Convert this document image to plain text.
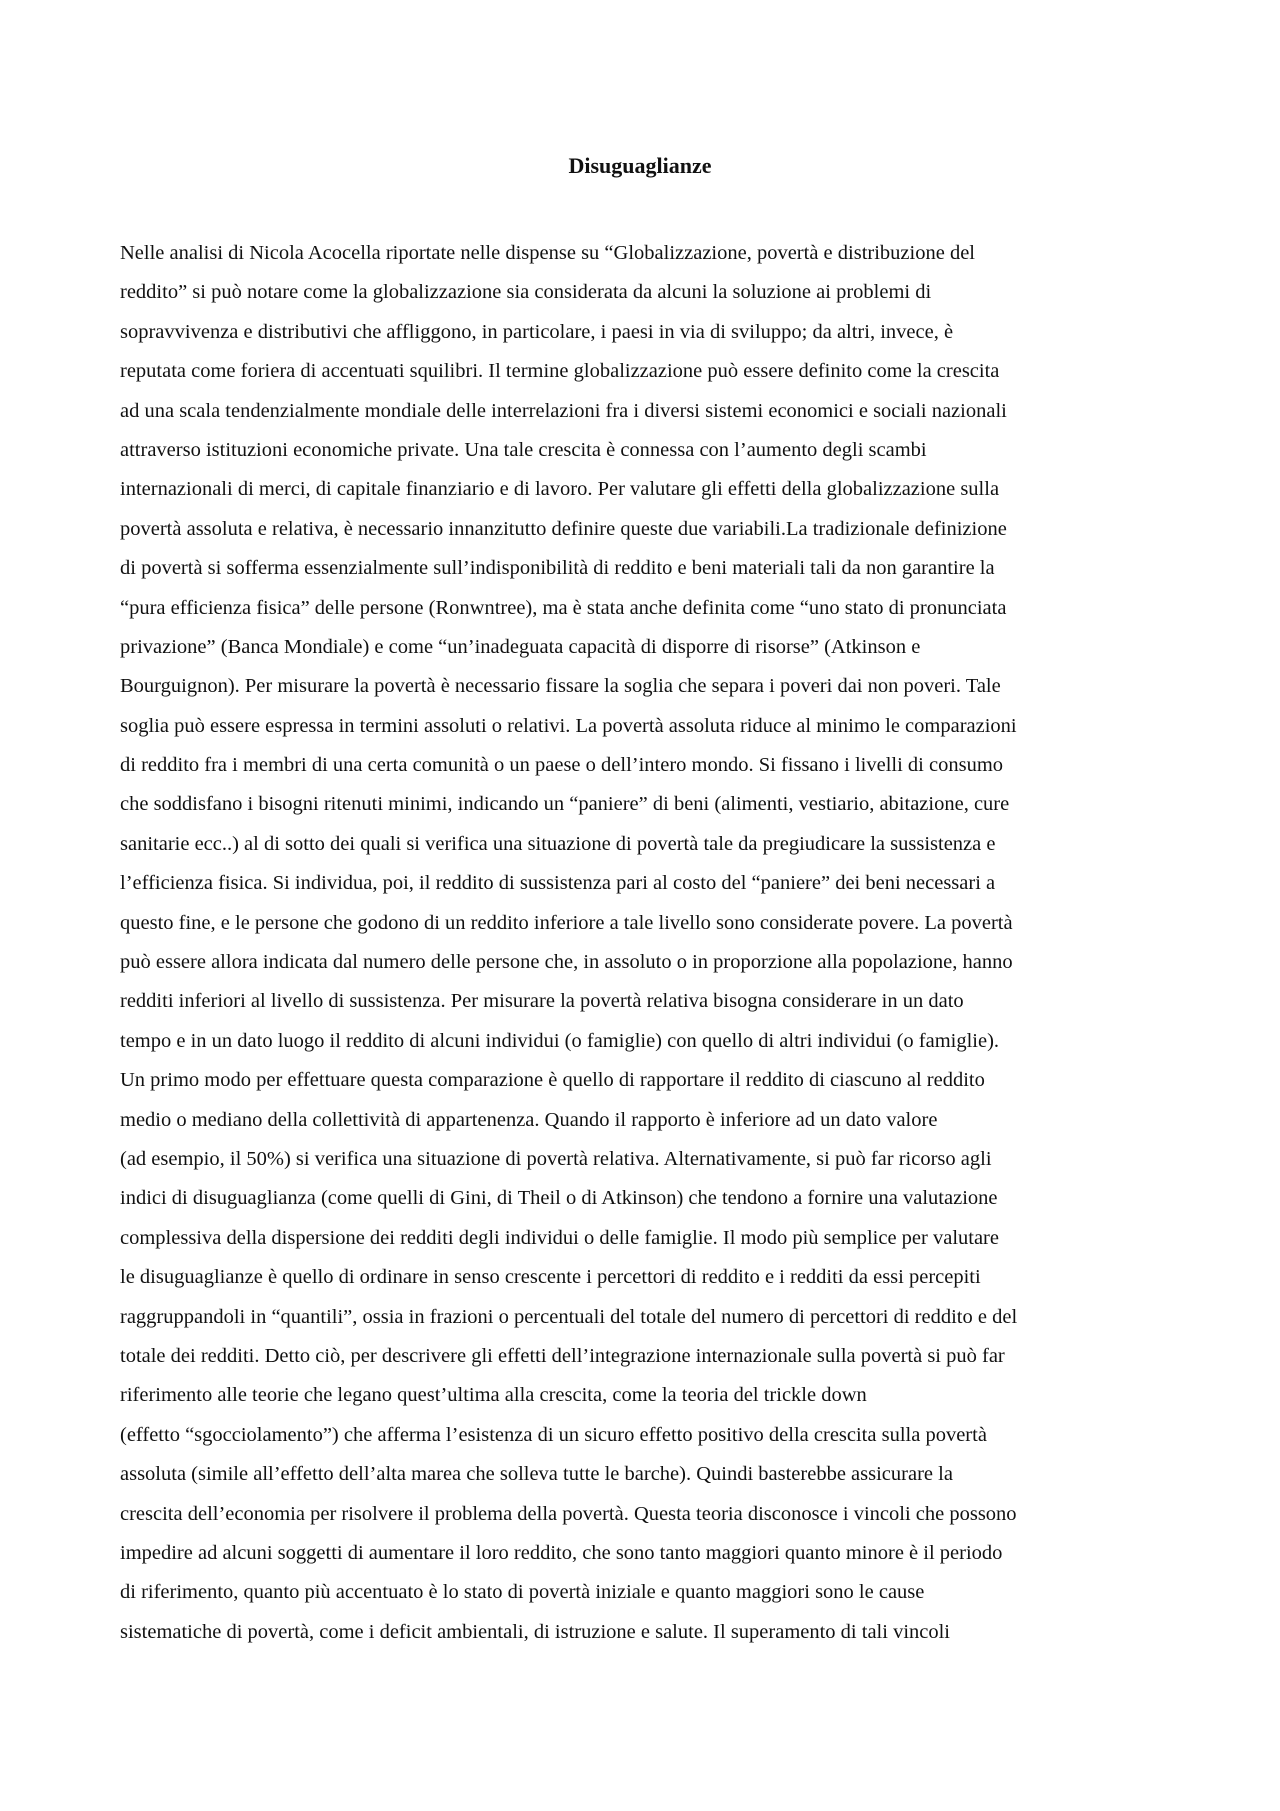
Disuguaglianze
Nelle analisi di Nicola Acocella riportate nelle dispense su “Globalizzazione, povertà e distribuzione del
reddito” si può notare come la globalizzazione sia considerata da alcuni la soluzione ai problemi di
sopravvivenza e distributivi che affliggono, in particolare, i paesi in via di sviluppo; da altri, invece, è
reputata come foriera di accentuati squilibri. Il termine globalizzazione può essere definito come la crescita
ad una scala tendenzialmente mondiale delle interrelazioni fra i diversi sistemi economici e sociali nazionali
attraverso istituzioni economiche private. Una tale crescita è connessa con l’aumento degli scambi
internazionali di merci, di capitale finanziario e di lavoro. Per valutare gli effetti della globalizzazione sulla
povertà assoluta e relativa, è necessario innanzitutto definire queste due variabili.La tradizionale definizione
di povertà si sofferma essenzialmente sull’indisponibilità di reddito e beni materiali tali da non garantire la
“pura efficienza fisica” delle persone (Ronwntree), ma è stata anche definita come “uno stato di pronunciata
privazione” (Banca Mondiale) e come “un’inadeguata capacità di disporre di risorse” (Atkinson e
Bourguignon). Per misurare la povertà è necessario fissare la soglia che separa i poveri dai non poveri. Tale
soglia può essere espressa in termini assoluti o relativi. La povertà assoluta riduce al minimo le comparazioni
di reddito fra i membri di una certa comunità o un paese o dell’intero mondo. Si fissano i livelli di consumo
che soddisfano i bisogni ritenuti minimi, indicando un “paniere” di beni (alimenti, vestiario, abitazione, cure
sanitarie ecc..) al di sotto dei quali si verifica una situazione di povertà tale da pregiudicare la sussistenza e
l’efficienza fisica. Si individua, poi, il reddito di sussistenza pari al costo del “paniere” dei beni necessari a
questo fine, e le persone che godono di un reddito inferiore a tale livello sono considerate povere. La povertà
può essere allora indicata dal numero delle persone che, in assoluto o in proporzione alla popolazione, hanno
redditi inferiori al livello di sussistenza. Per misurare la povertà relativa bisogna considerare in un dato
tempo e in un dato luogo il reddito di alcuni individui (o famiglie) con quello di altri individui (o famiglie).
Un primo modo per effettuare questa comparazione è quello di rapportare il reddito di ciascuno al reddito
medio o mediano della collettività di appartenenza. Quando il rapporto è inferiore ad un dato valore
(ad esempio, il 50%) si verifica una situazione di povertà relativa. Alternativamente, si può far ricorso agli
indici di disuguaglianza (come quelli di Gini, di Theil o di Atkinson) che tendono a fornire una valutazione
complessiva della dispersione dei redditi degli individui o delle famiglie. Il modo più semplice per valutare
le disuguaglianze è quello di ordinare in senso crescente i percettori di reddito e i redditi da essi percepiti
raggruppandoli in “quantili”, ossia in frazioni o percentuali del totale del numero di percettori di reddito e del
totale dei redditi. Detto ciò, per descrivere gli effetti dell’integrazione internazionale sulla povertà si può far
riferimento alle teorie che legano quest’ultima alla crescita, come la teoria del trickle down
(effetto “sgocciolamento”) che afferma l’esistenza di un sicuro effetto positivo della crescita sulla povertà
assoluta (simile all’effetto dell’alta marea che solleva tutte le barche). Quindi basterebbe assicurare la
crescita dell’economia per risolvere il problema della povertà. Questa teoria disconosce i vincoli che possono
impedire ad alcuni soggetti di aumentare il loro reddito, che sono tanto maggiori quanto minore è il periodo
di riferimento, quanto più accentuato è lo stato di povertà iniziale e quanto maggiori sono le cause
sistematiche di povertà, come i deficit ambientali, di istruzione e salute. Il superamento di tali vincoli
